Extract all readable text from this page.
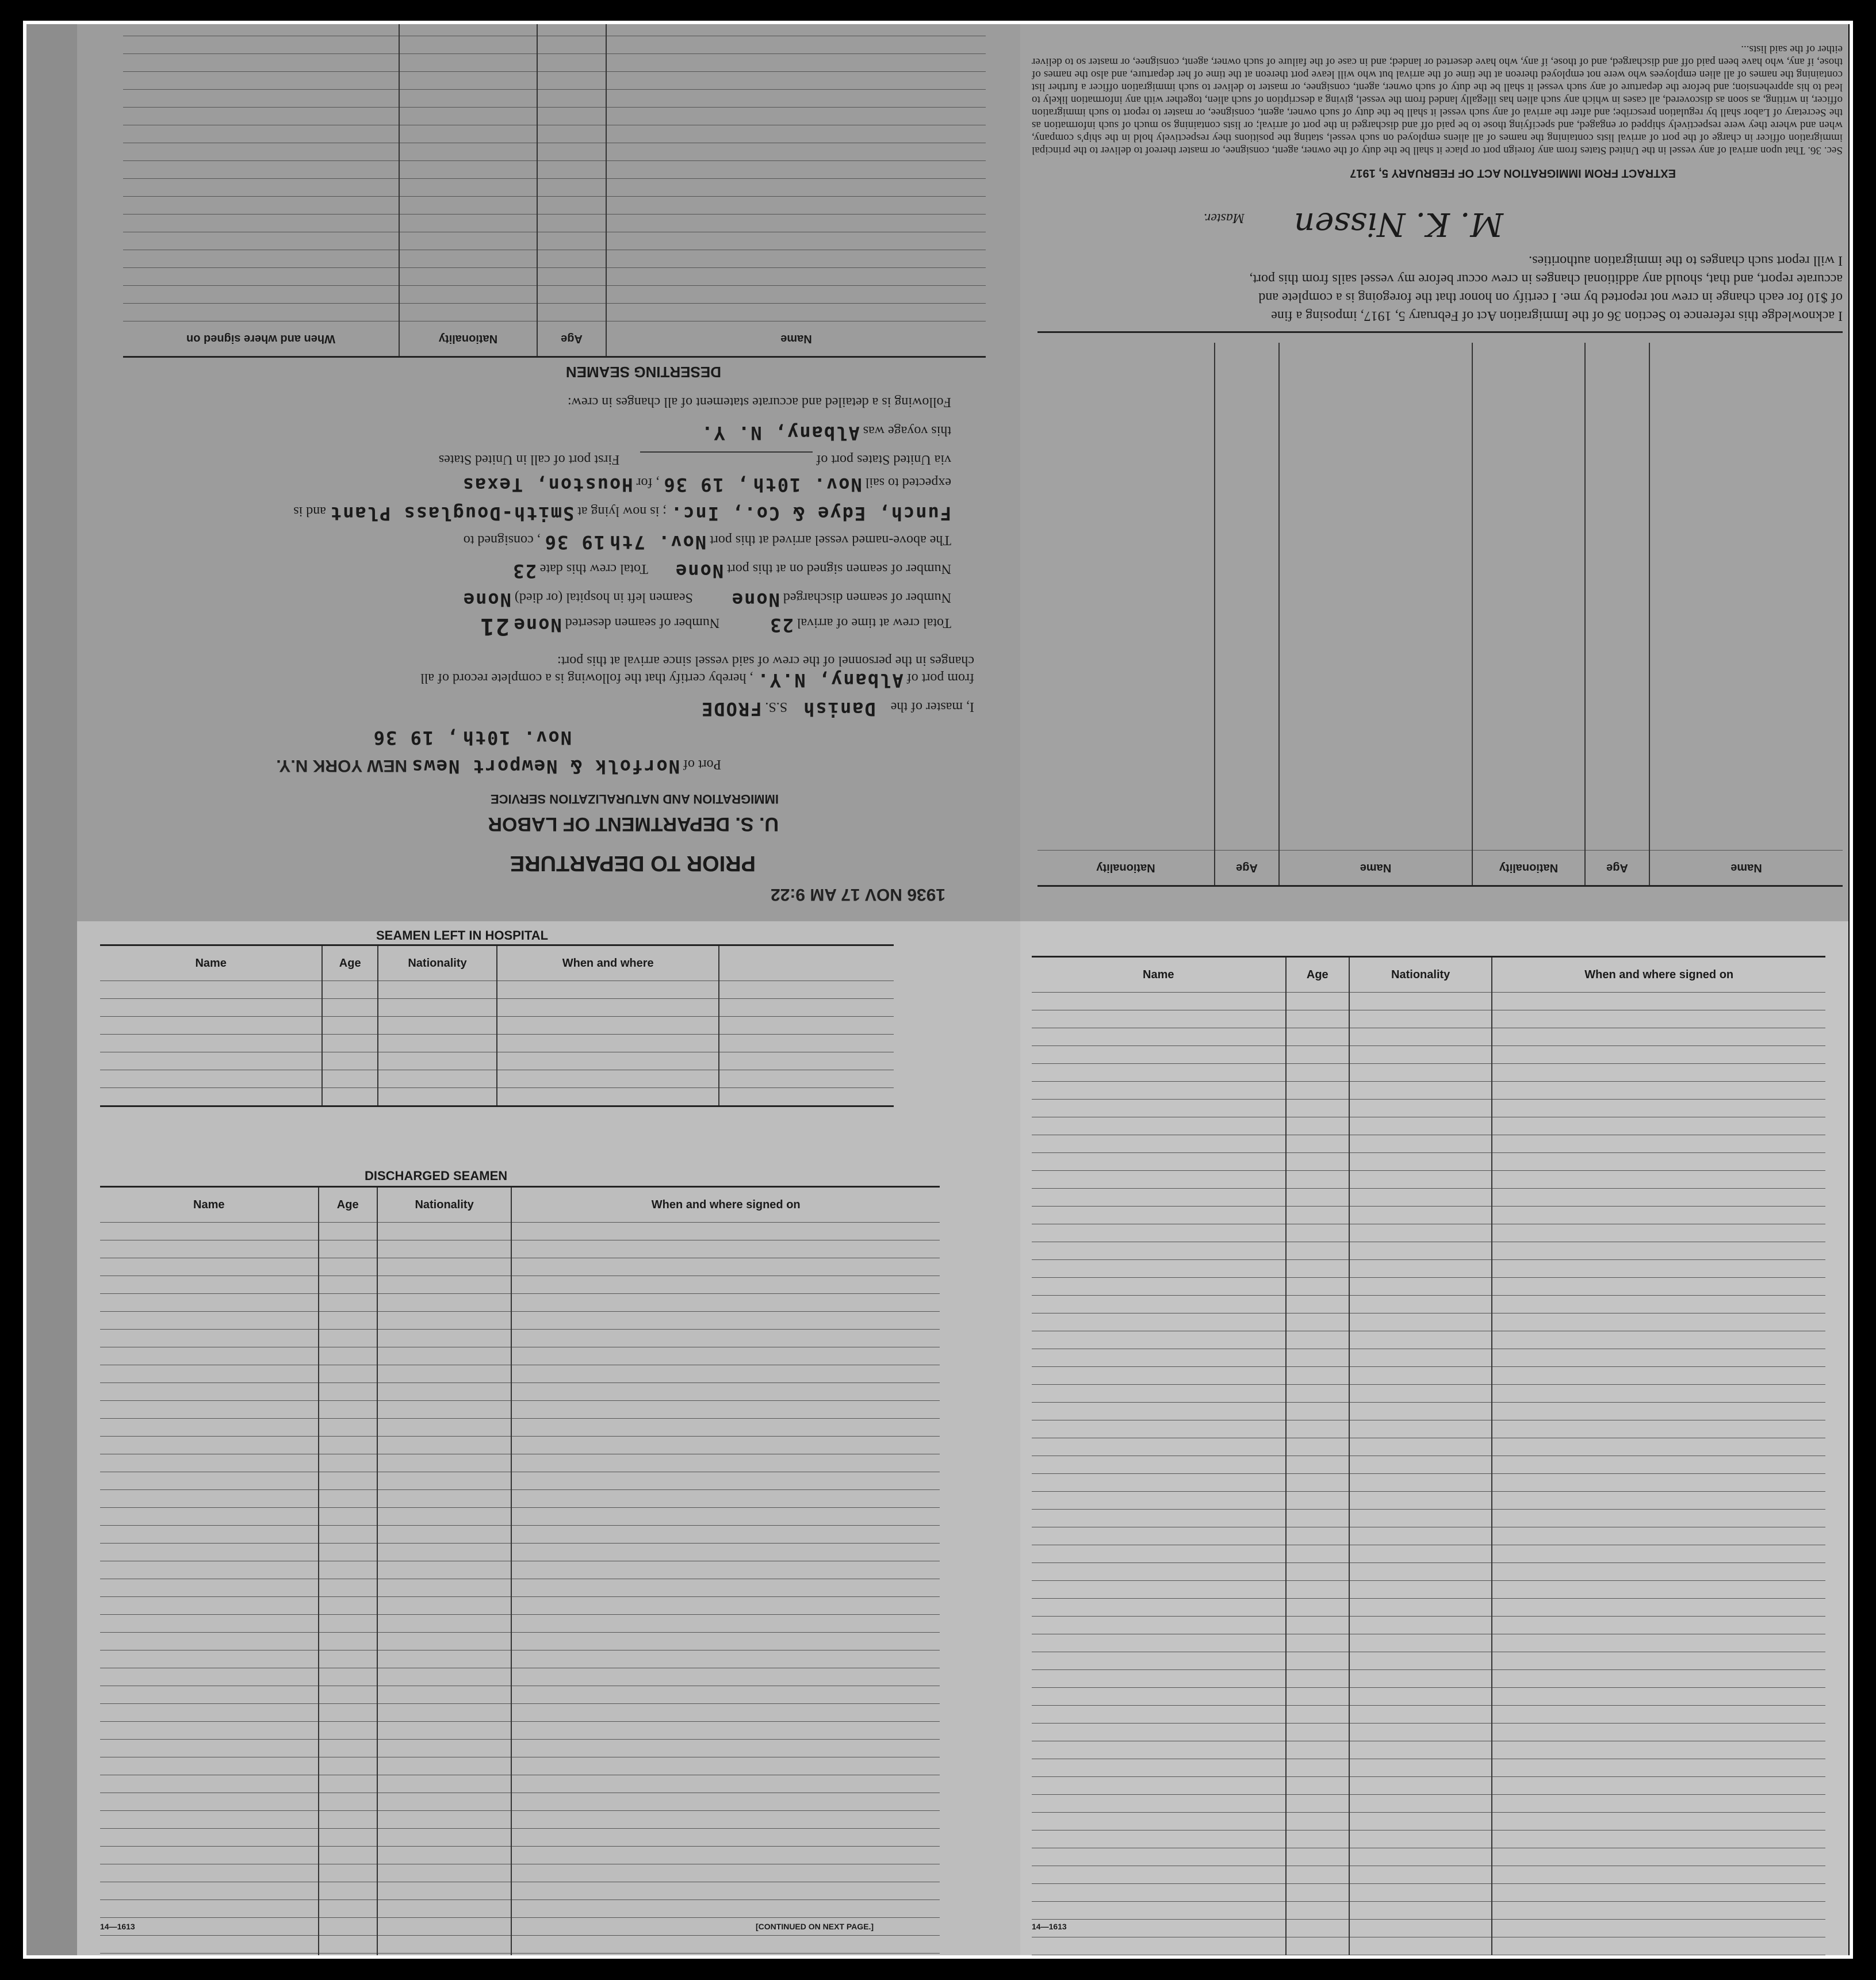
PRIOR TO DEPARTURE
1936 NOV 17 AM 9:22
U. S. DEPARTMENT OF LABOR
IMMIGRATION AND NATURALIZATION SERVICE
Port of Norfolk & Newport News NEW YORK N.Y.
Nov. 10th , 19 36
I, master of the Danish S.S. FRODE
from port of Albany, N.Y. , hereby certify that the following is a complete record of all
changes in the personnel of the crew of said vessel since arrival at this port:
Total crew at time of arrival 23 Number of seamen deserted None 21
Number of seamen discharged None Seamen left in hospital (or died) None
Number of seamen signed on at this port None Total crew this date 23
The above-named vessel arrived at this port Nov. 7th 19 36 , consigned to
Funch, Edye & Co., Inc. ; is now lying at Smith-Douglass Plant and is
expected to sail Nov. 10th , 19 36 , for Houston, Texas
via United States port of  First port of call in United States
this voyage was Albany, N. Y.
Following is a detailed and accurate statement of all changes in crew:
DESERTING SEAMEN
Name	Age	Nationality	When and where signed on

Name	Age	Nationality	Name	Age	Nationality

I acknowledge this reference to Section 36 of the Immigration Act of February 5, 1917, imposing a fine
of $10 for each change in crew not reported by me. I certify on honor that the foregoing is a complete and
accurate report, and that, should any additional changes in crew occur before my vessel sails from this port,
I will report such changes to the immigration authorities.
M. K. Nissen
Master.
EXTRACT FROM IMMIGRATION ACT OF FEBRUARY 5, 1917
Sec. 36. That upon arrival of any vessel in the United States from any foreign port or place it shall be the duty of the owner, agent, consignee, or master thereof to deliver to the principal immigration officer in charge of the port of arrival lists containing the names of all aliens employed on such vessel, stating the positions they respectively hold in the ship's company, when and where they were respectively shipped or engaged, and specifying those to be paid off and discharged in the port of arrival; or lists containing so much of such information as the Secretary of Labor shall by regulation prescribe; and after the arrival of any such vessel it shall be the duty of such owner, agent, consignee, or master to report to such immigration officer, in writing, as soon as discovered, all cases in which any such alien has illegally landed from the vessel, giving a description of such alien, together with any information likely to lead to his apprehension; and before the departure of any such vessel it shall be the duty of such owner, agent, consignee, or master to deliver to such immigration officer a further list containing the names of all alien employees who were not employed thereon at the time of the arrival but who will leave port thereon at the time of her departure, and also the names of those, if any, who have been paid off and discharged, and of those, if any, who have deserted or landed; and in case of the failure of such owner, agent, consignee, or master so to deliver either of the said lists...
SEAMEN LEFT IN HOSPITAL
Name	Age	Nationality	When and where	

DISCHARGED SEAMEN
Name	Age	Nationality	When and where signed on

14—1613	[CONTINUED ON NEXT PAGE.]
Name	Age	Nationality	When and where signed on

14—1613
